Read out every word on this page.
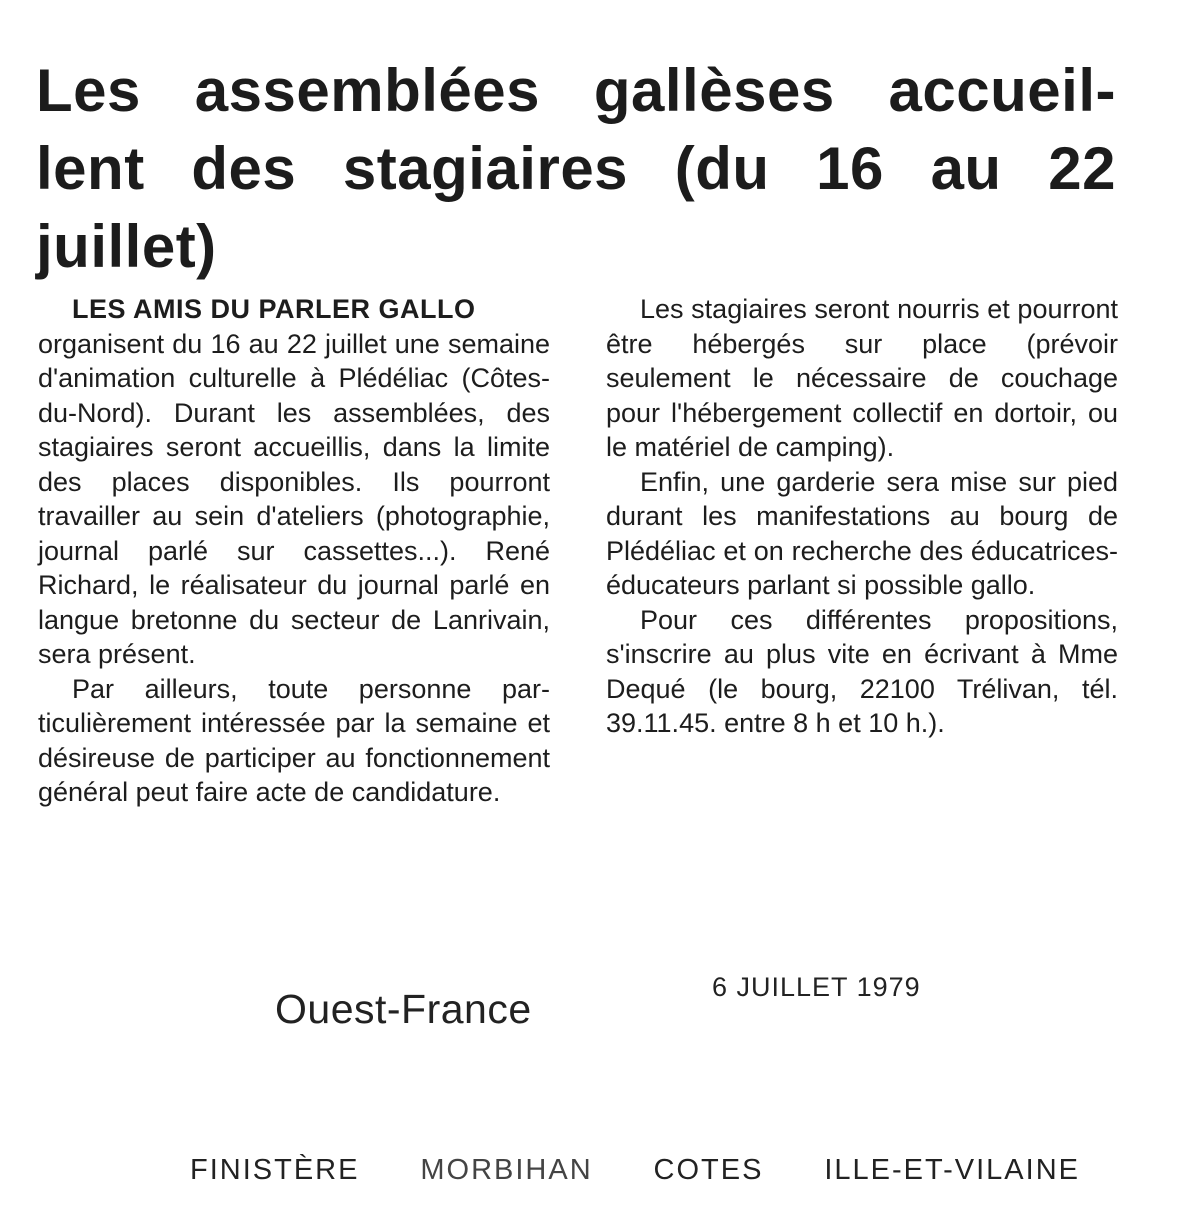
Les assemblées gallèses accueil-
lent des stagiaires (du 16 au 22
juillet)
LES AMIS DU PARLER GALLO

organisent du 16 au 22 juillet une semaine d'animation culturelle à Plédéliac (Côtes-du-Nord). Durant les assemblées, des stagiaires seront accueillis, dans la limite des places disponibles. Ils pourront travailler au sein d'ateliers (photographie, journal parlé sur cassettes...). René Richard, le réalisateur du journal parlé en langue bretonne du secteur de Lanrivain, sera présent.

Par ailleurs, toute personne particulièrement intéressée par la semaine et désireuse de participer au fonctionnement général peut faire acte de candidature.

Les stagiaires seront nourris et pourront être hébergés sur place (prévoir seulement le nécessaire de couchage pour l'hébergement collectif en dortoir, ou le matériel de camping).

Enfin, une garderie sera mise sur pied durant les manifestations au bourg de Plédéliac et on recherche des éducatrices-éducateurs parlant si possible gallo.

Pour ces différentes propositions, s'inscrire au plus vite en écrivant à Mme Dequé (le bourg, 22100 Trélivan, tél. 39.11.45. entre 8 h et 10 h.).

Ouest-France	6 JUILLET 1979
FINISTÈRE MORBIHAN COTES ILLE-ET-VILAINE
